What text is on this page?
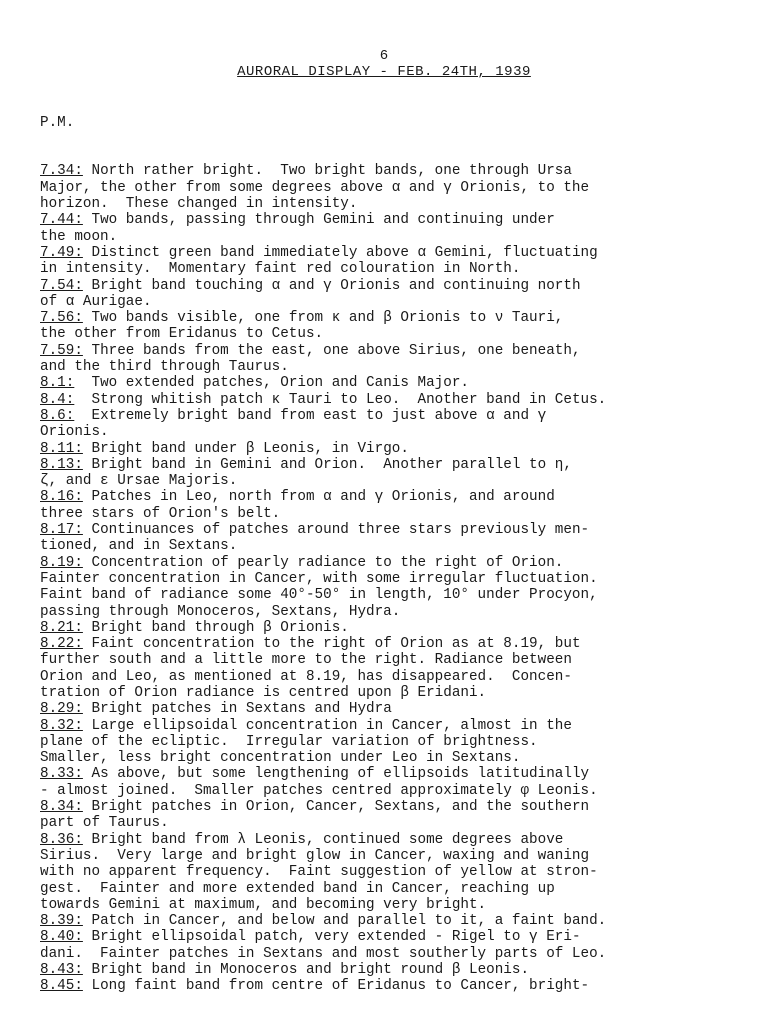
6
AURORAL DISPLAY - FEB. 24TH, 1939

P.M.

7.34: North rather bright.  Two bright bands, one through Ursa
Major, the other from some degrees above α and γ Orionis, to the
horizon.  These changed in intensity.
7.44: Two bands, passing through Gemini and continuing under
the moon.
7.49: Distinct green band immediately above α Gemini, fluctuating
in intensity.  Momentary faint red colouration in North.
7.54: Bright band touching α and γ Orionis and continuing north
of α Aurigae.
7.56: Two bands visible, one from κ and β Orionis to ν Tauri,
the other from Eridanus to Cetus.
7.59: Three bands from the east, one above Sirius, one beneath,
and the third through Taurus.
8.1:  Two extended patches, Orion and Canis Major.
8.4:  Strong whitish patch κ Tauri to Leo.  Another band in Cetus.
8.6:  Extremely bright band from east to just above α and γ
Orionis.
8.11: Bright band under β Leonis, in Virgo.
8.13: Bright band in Gemini and Orion.  Another parallel to η,
ζ, and ε Ursae Majoris.
8.16: Patches in Leo, north from α and γ Orionis, and around
three stars of Orion's belt.
8.17: Continuances of patches around three stars previously men-
tioned, and in Sextans.
8.19: Concentration of pearly radiance to the right of Orion.
Fainter concentration in Cancer, with some irregular fluctuation.
Faint band of radiance some 40°-50° in length, 10° under Procyon,
passing through Monoceros, Sextans, Hydra.
8.21: Bright band through β Orionis.
8.22: Faint concentration to the right of Orion as at 8.19, but
further south and a little more to the right. Radiance between
Orion and Leo, as mentioned at 8.19, has disappeared.  Concen-
tration of Orion radiance is centred upon β Eridani.
8.29: Bright patches in Sextans and Hydra
8.32: Large ellipsoidal concentration in Cancer, almost in the
plane of the ecliptic.  Irregular variation of brightness.
Smaller, less bright concentration under Leo in Sextans.
8.33: As above, but some lengthening of ellipsoids latitudinally
- almost joined.  Smaller patches centred approximately φ Leonis.
8.34: Bright patches in Orion, Cancer, Sextans, and the southern
part of Taurus.
8.36: Bright band from λ Leonis, continued some degrees above
Sirius.  Very large and bright glow in Cancer, waxing and waning
with no apparent frequency.  Faint suggestion of yellow at stron-
gest.  Fainter and more extended band in Cancer, reaching up
towards Gemini at maximum, and becoming very bright.
8.39: Patch in Cancer, and below and parallel to it, a faint band.
8.40: Bright ellipsoidal patch, very extended - Rigel to γ Eri-
dani.  Fainter patches in Sextans and most southerly parts of Leo.
8.43: Bright band in Monoceros and bright round β Leonis.
8.45: Long faint band from centre of Eridanus to Cancer, bright-
